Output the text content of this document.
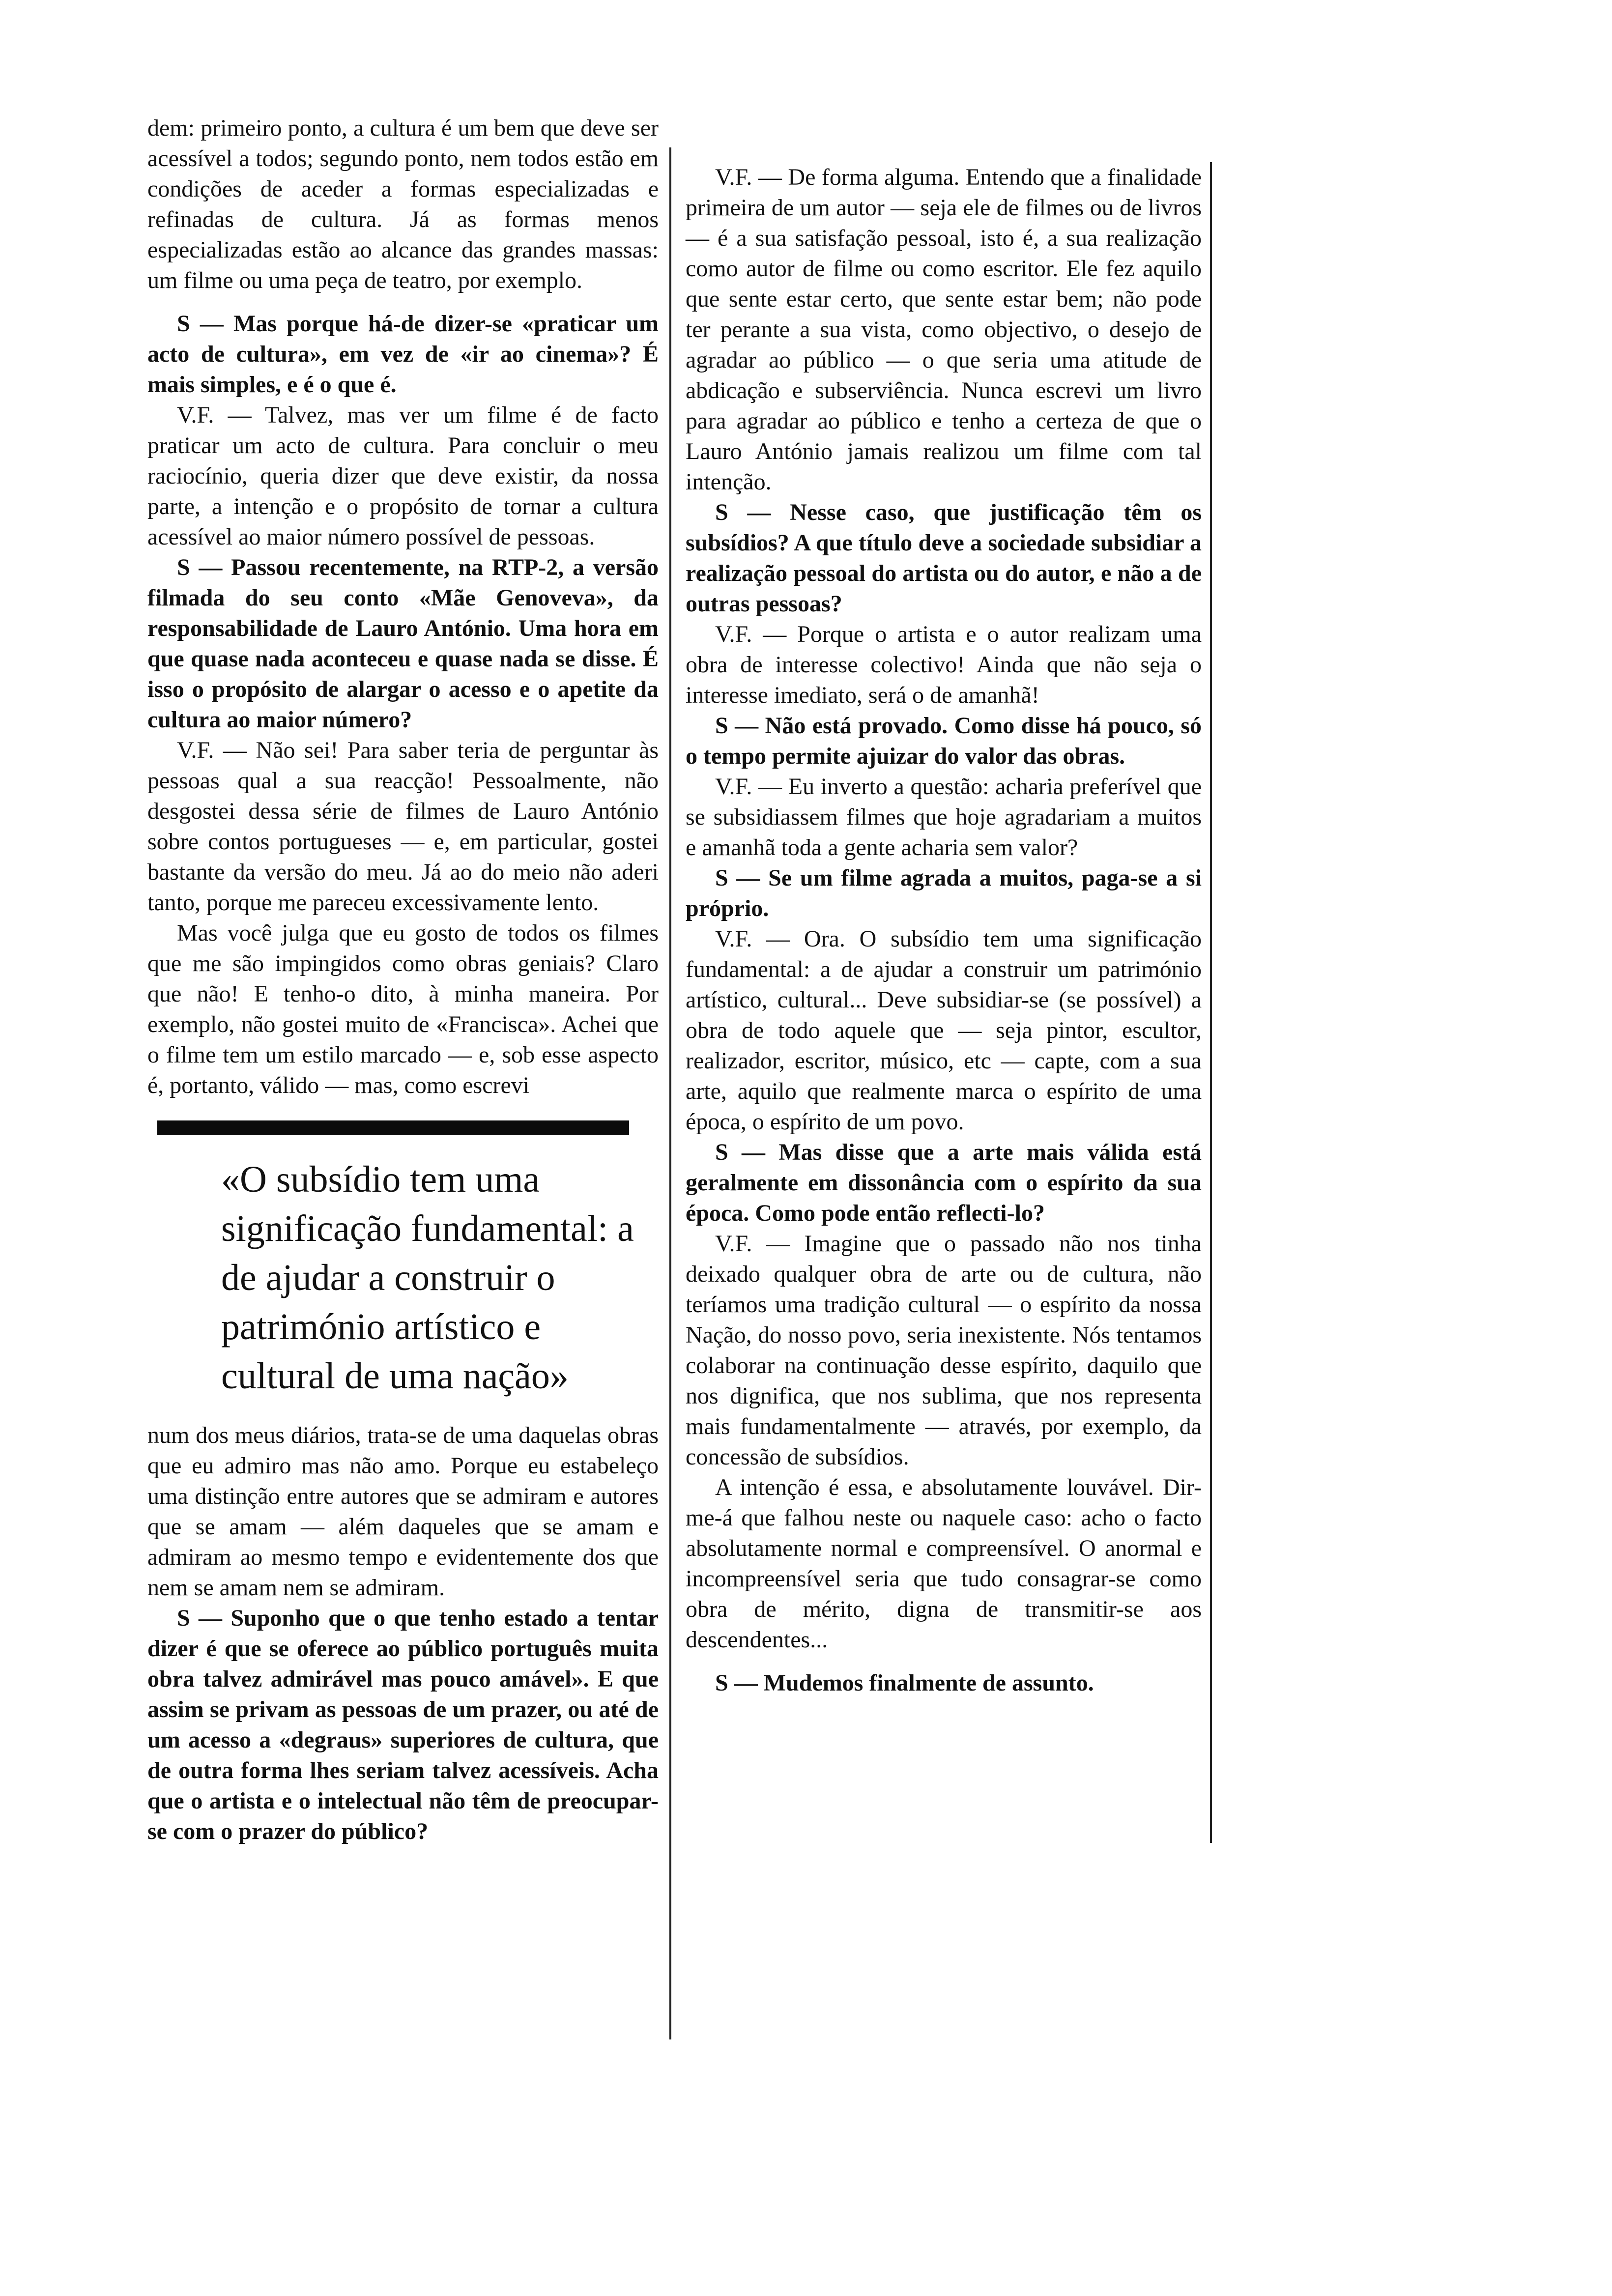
dem: primeiro ponto, a cultura é um bem que deve ser acessível a todos; segundo ponto, nem todos estão em condições de aceder a formas especializadas e refinadas de cultura. Já as formas menos especializadas estão ao alcance das grandes massas: um filme ou uma peça de teatro, por exemplo.

S — Mas porque há-de dizer-se «praticar um acto de cultura», em vez de «ir ao cinema»? É mais simples, e é o que é.

V.F. — Talvez, mas ver um filme é de facto praticar um acto de cultura. Para concluir o meu raciocínio, queria dizer que deve existir, da nossa parte, a intenção e o propósito de tornar a cultura acessível ao maior número possível de pessoas.

S — Passou recentemente, na RTP-2, a versão filmada do seu conto «Mãe Genoveva», da responsabilidade de Lauro António. Uma hora em que quase nada aconteceu e quase nada se disse. É isso o propósito de alargar o acesso e o apetite da cultura ao maior número?

V.F. — Não sei! Para saber teria de perguntar às pessoas qual a sua reacção! Pessoalmente, não desgostei dessa série de filmes de Lauro António sobre contos portugueses — e, em particular, gostei bastante da versão do meu. Já ao do meio não aderi tanto, porque me pareceu excessivamente lento.

Mas você julga que eu gosto de todos os filmes que me são impingidos como obras geniais? Claro que não! E tenho-o dito, à minha maneira. Por exemplo, não gostei muito de «Francisca». Achei que o filme tem um estilo marcado — e, sob esse aspecto é, portanto, válido — mas, como escrevi

«O subsídio tem uma significação fundamental: a de ajudar a construir o património artístico e cultural de uma nação»

num dos meus diários, trata-se de uma daquelas obras que eu admiro mas não amo. Porque eu estabeleço uma distinção entre autores que se admiram e autores que se amam — além daqueles que se amam e admiram ao mesmo tempo e evidentemente dos que nem se amam nem se admiram.

S — Suponho que o que tenho estado a tentar dizer é que se oferece ao público português muita obra talvez admirável mas pouco amável». E que assim se privam as pessoas de um prazer, ou até de um acesso a «degraus» superiores de cultura, que de outra forma lhes seriam talvez acessíveis. Acha que o artista e o intelectual não têm de preocupar-se com o prazer do público?

V.F. — De forma alguma. Entendo que a finalidade primeira de um autor — seja ele de filmes ou de livros — é a sua satisfação pessoal, isto é, a sua realização como autor de filme ou como escritor. Ele fez aquilo que sente estar certo, que sente estar bem; não pode ter perante a sua vista, como objectivo, o desejo de agradar ao público — o que seria uma atitude de abdicação e subserviência. Nunca escrevi um livro para agradar ao público e tenho a certeza de que o Lauro António jamais realizou um filme com tal intenção.

S — Nesse caso, que justificação têm os subsídios? A que título deve a sociedade subsidiar a realização pessoal do artista ou do autor, e não a de outras pessoas?

V.F. — Porque o artista e o autor realizam uma obra de interesse colectivo! Ainda que não seja o interesse imediato, será o de amanhã!

S — Não está provado. Como disse há pouco, só o tempo permite ajuizar do valor das obras.

V.F. — Eu inverto a questão: acharia preferível que se subsidiassem filmes que hoje agradariam a muitos e amanhã toda a gente acharia sem valor?

S — Se um filme agrada a muitos, paga-se a si próprio.

V.F. — Ora. O subsídio tem uma significação fundamental: a de ajudar a construir um património artístico, cultural... Deve subsidiar-se (se possível) a obra de todo aquele que — seja pintor, escultor, realizador, escritor, músico, etc — capte, com a sua arte, aquilo que realmente marca o espírito de uma época, o espírito de um povo.

S — Mas disse que a arte mais válida está geralmente em dissonância com o espírito da sua época. Como pode então reflecti-lo?

V.F. — Imagine que o passado não nos tinha deixado qualquer obra de arte ou de cultura, não teríamos uma tradição cultural — o espírito da nossa Nação, do nosso povo, seria inexistente. Nós tentamos colaborar na continuação desse espírito, daquilo que nos dignifica, que nos sublima, que nos representa mais fundamentalmente — através, por exemplo, da concessão de subsídios.

A intenção é essa, e absolutamente louvável. Dir-me-á que falhou neste ou naquele caso: acho o facto absolutamente normal e compreensível. O anormal e incompreensível seria que tudo consagrar-se como obra de mérito, digna de transmitir-se aos descendentes...

S — Mudemos finalmente de assunto.
